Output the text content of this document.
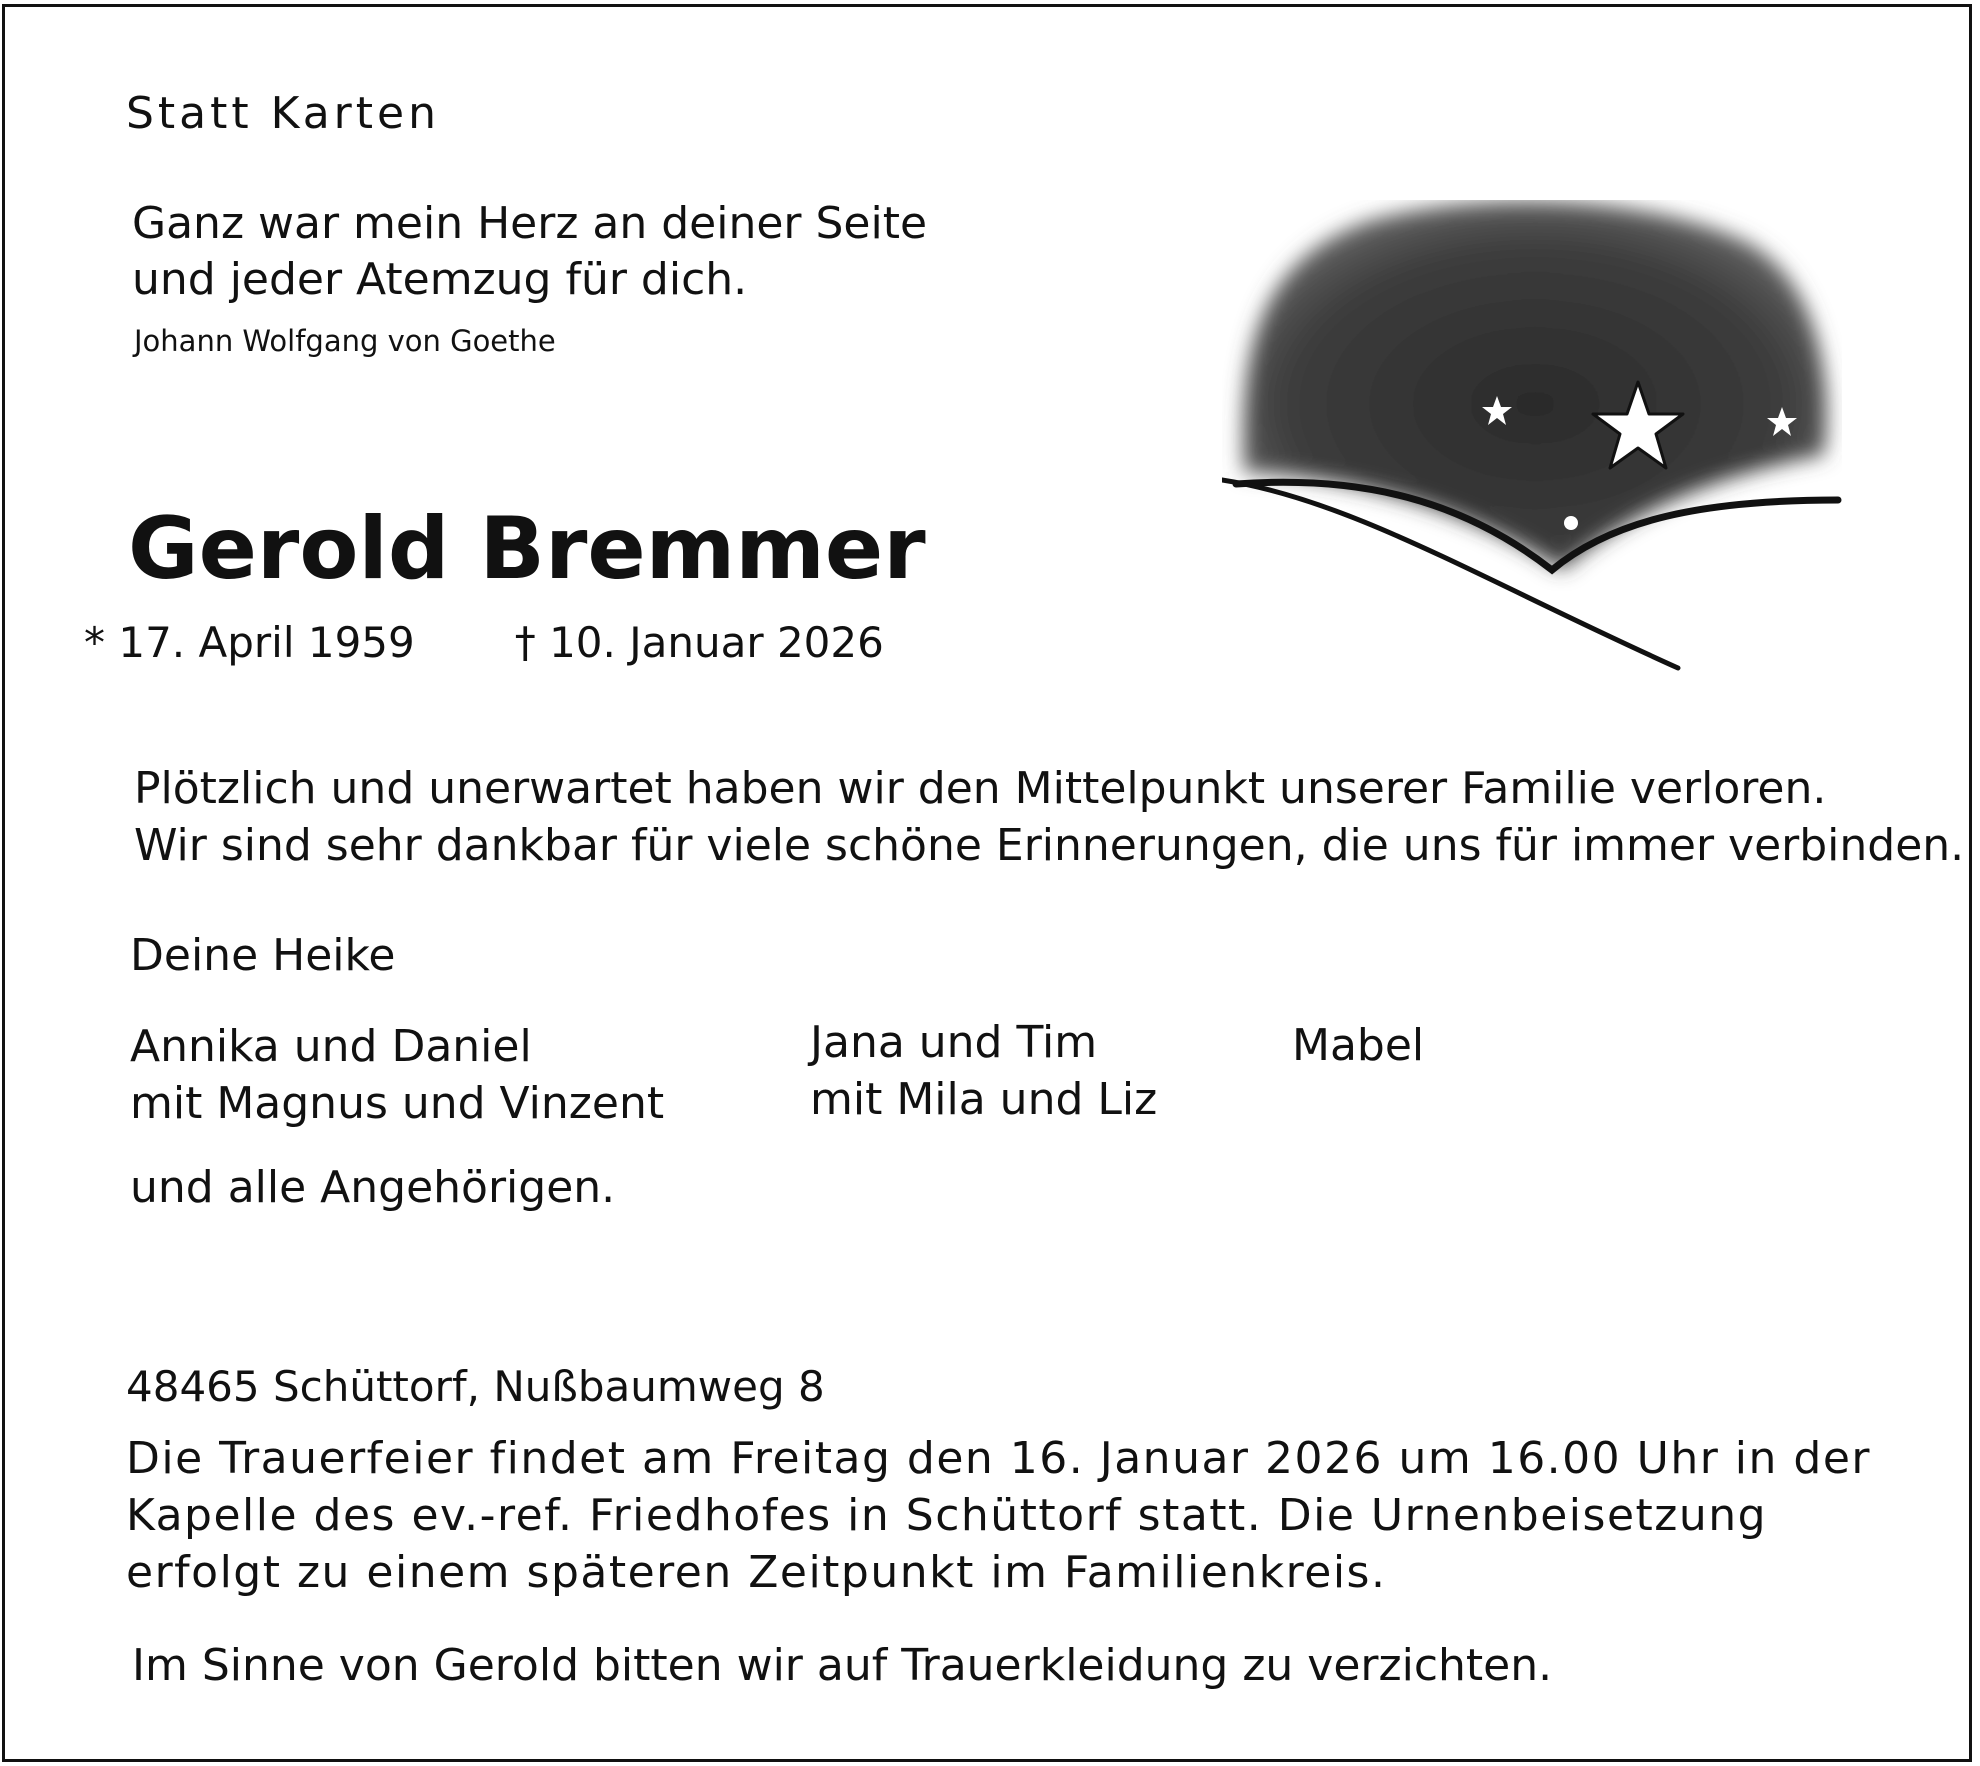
Statt Karten
Ganz war mein Herz an deiner Seite
und jeder Atemzug für dich.
Johann Wolfgang von Goethe
Gerold Bremmer
* 17. April 1959 † 10. Januar 2026
Plötzlich und unerwartet haben wir den Mittelpunkt unserer Familie verloren.
Wir sind sehr dankbar für viele schöne Erinnerungen, die uns für immer verbinden.
Deine Heike
Annika und Daniel
mit Magnus und Vinzent
Jana und Tim
mit Mila und Liz
Mabel
und alle Angehörigen.
48465 Schüttorf, Nußbaumweg 8
Die Trauerfeier findet am Freitag den 16. Januar 2026 um 16.00 Uhr in der
Kapelle des ev.-ref. Friedhofes in Schüttorf statt. Die Urnenbeisetzung
erfolgt zu einem späteren Zeitpunkt im Familienkreis.
Im Sinne von Gerold bitten wir auf Trauerkleidung zu verzichten.
